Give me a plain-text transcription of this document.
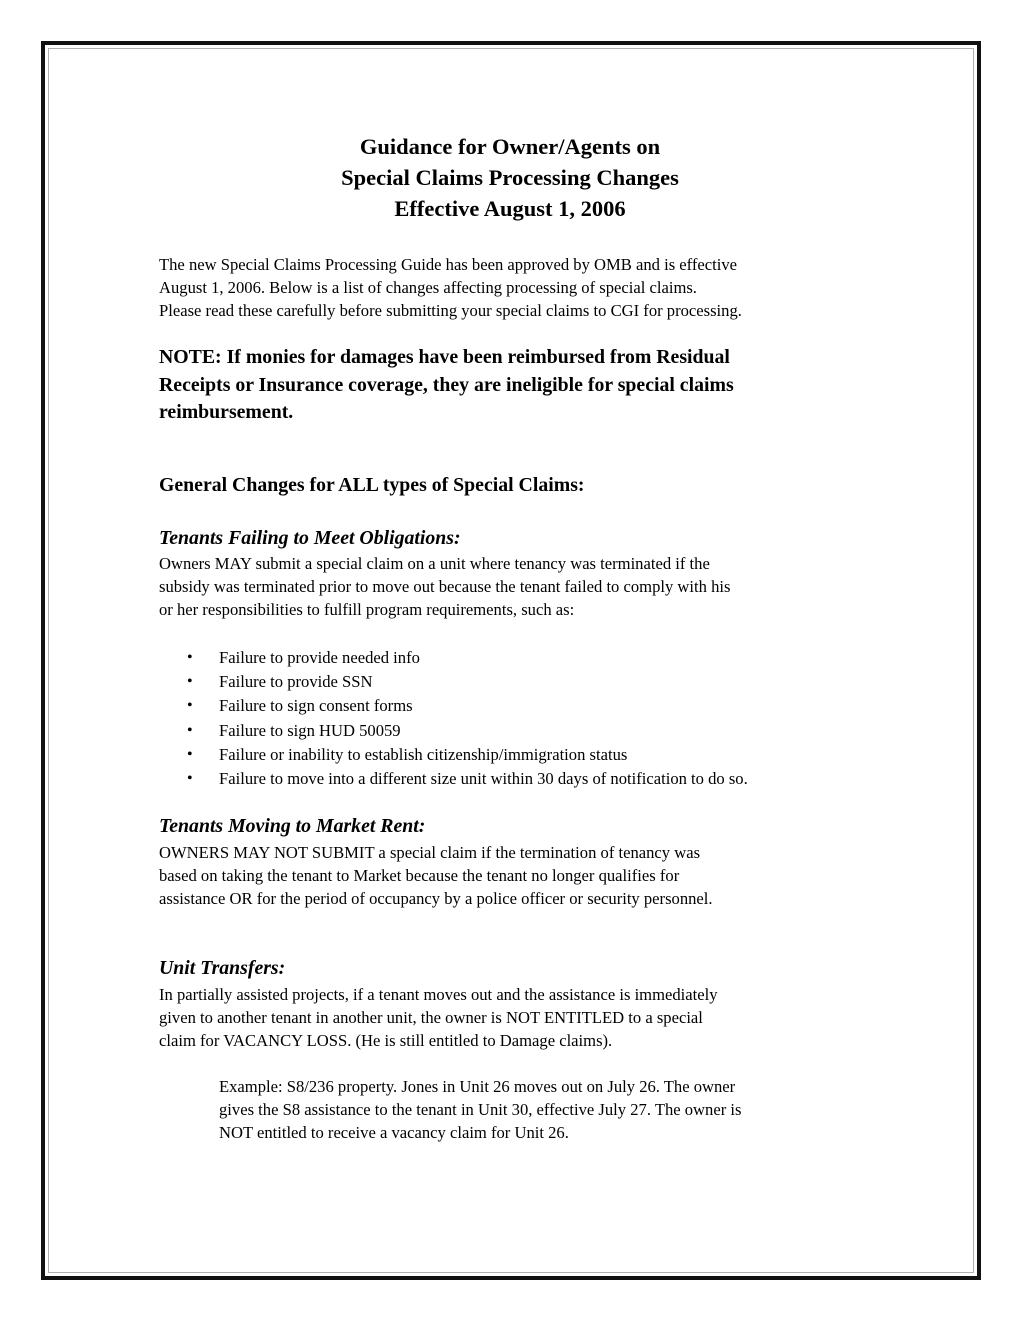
Guidance for Owner/Agents on
Special Claims Processing Changes
Effective August 1, 2006
The new Special Claims Processing Guide has been approved by OMB and is effective
August 1, 2006. Below is a list of changes affecting processing of special claims.
Please read these carefully before submitting your special claims to CGI for processing.
NOTE: If monies for damages have been reimbursed from Residual
Receipts or Insurance coverage, they are ineligible for special claims
reimbursement.
General Changes for ALL types of Special Claims:
Tenants Failing to Meet Obligations:
Owners MAY submit a special claim on a unit where tenancy was terminated if the
subsidy was terminated prior to move out because the tenant failed to comply with his
or her responsibilities to fulfill program requirements, such as:
• Failure to provide needed info
• Failure to provide SSN
• Failure to sign consent forms
• Failure to sign HUD 50059
• Failure or inability to establish citizenship/immigration status
• Failure to move into a different size unit within 30 days of notification to do so.
Tenants Moving to Market Rent:
OWNERS MAY NOT SUBMIT a special claim if the termination of tenancy was
based on taking the tenant to Market because the tenant no longer qualifies for
assistance OR for the period of occupancy by a police officer or security personnel.
Unit Transfers:
In partially assisted projects, if a tenant moves out and the assistance is immediately
given to another tenant in another unit, the owner is NOT ENTITLED to a special
claim for VACANCY LOSS. (He is still entitled to Damage claims).
Example: S8/236 property. Jones in Unit 26 moves out on July 26. The owner
gives the S8 assistance to the tenant in Unit 30, effective July 27. The owner is
NOT entitled to receive a vacancy claim for Unit 26.
